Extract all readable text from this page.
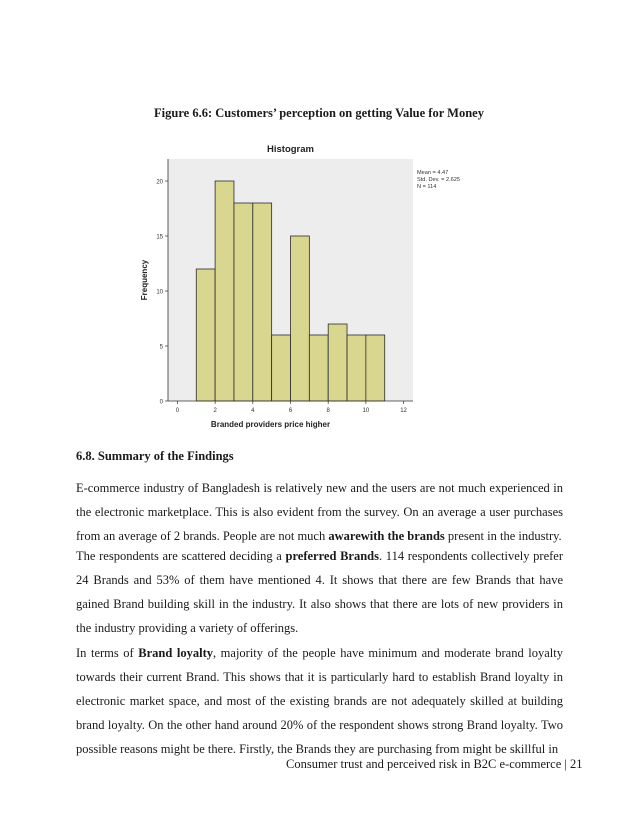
Figure 6.6: Customers’ perception on getting Value for Money
Histogram
0
5
10
15
20
0	2	4	6	8	10	12
Branded providers price higher
Frequency
Mean = 4.47
Std. Dev. = 2.625
N = 114
6.8. Summary of the Findings

E-commerce industry of Bangladesh is relatively new and the users are not much experienced in the electronic marketplace. This is also evident from the survey. On an average a user purchases from an average of 2 brands. People are not much awarewith the brands present in the industry.

The respondents are scattered deciding a preferred Brands. 114 respondents collectively prefer 24 Brands and 53% of them have mentioned 4. It shows that there are few Brands that have gained Brand building skill in the industry. It also shows that there are lots of new providers in the industry providing a variety of offerings.

In terms of Brand loyalty, majority of the people have minimum and moderate brand loyalty towards their current Brand. This shows that it is particularly hard to establish Brand loyalty in electronic market space, and most of the existing brands are not adequately skilled at building brand loyalty. On the other hand around 20% of the respondent shows strong Brand loyalty. Two possible reasons might be there. Firstly, the Brands they are purchasing from might be skillful in

Consumer trust and perceived risk in B2C e-commerce | 21
